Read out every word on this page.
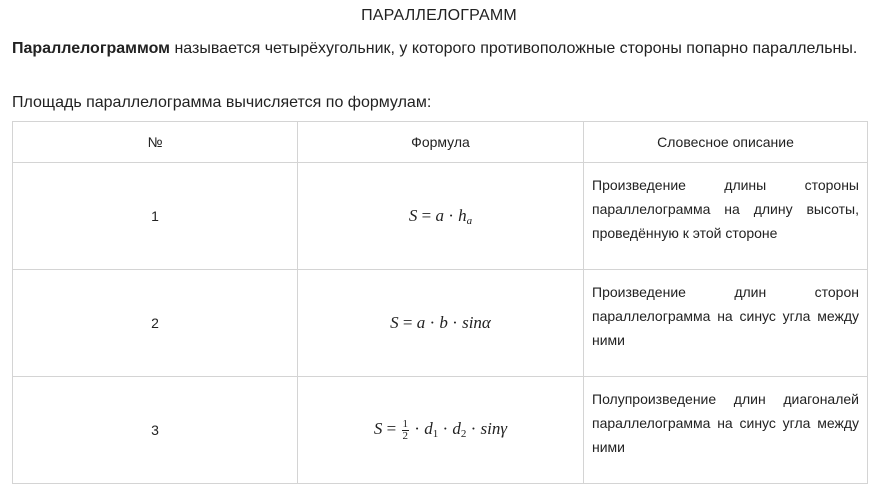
ПАРАЛЛЕЛОГРАММ

Параллелограммом называется четырёхугольник, у которого противоположные стороны попарно параллельны.

Площадь параллелограмма вычисляется по формулам:

№	Формула	Словесное описание
1	$S = a \cdot h_a$	Произведение длины стороны параллелограмма на длину высоты, проведённую к этой стороне

2	S = a · b · sinα	Произведение длин сторон параллелограмма на синус угла между ними

3	$S = \frac{1}{2} \cdot d_1 \cdot d_2 \cdot \sin\gamma$	Полупроизведение длин диагоналей параллелограмма на синус угла между ними
